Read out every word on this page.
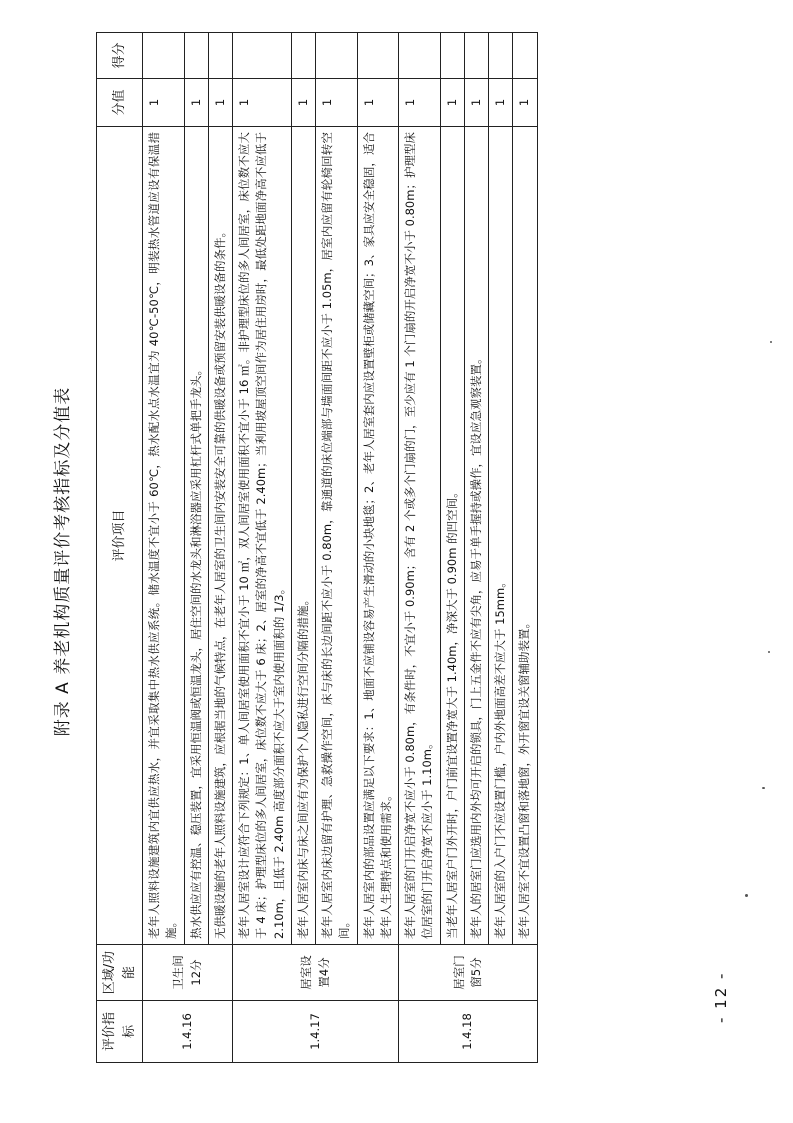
附录 A 养老机构质量评价考核指标及分值表
评价指标	区域/功能	评价项目	分值	得分
1.4.16	卫生间12分	老年人照料设施建筑内宜供应热水，并宜采取集中热水供应系统。储水温度不宜小于 60℃，热水配水点水温宜为 40℃-50℃，明装热水管道应设有保温措施。	1	
		热水供应应有控温、稳压装置，宜采用恒温阀或恒温龙头，居住空间的水龙头和淋浴器应采用杠杆式单把手龙头。	1	
		无供暖设施的老年人照料设施建筑，应根据当地的气候特点，在老年人居室的卫生间内安装安全可靠的供暖设备或预留安装供暖设备的条件。	1	
1.4.17	居室设置4分	老年人居室设计应符合下列规定：1、单人间居室使用面积不宜小于 10 ㎡，双人间居室使用面积不宜小于 16 ㎡。非护理型床位的多人间居室，床位数不应大于 4 床；护理型床位的多人间居室，床位数不应大于 6 床；2、居室的净高不宜低于 2.40m；当利用坡屋顶空间作为居住用房时，最低处距地面净高不应低于 2.10m，且低于 2.40m 高度部分面积不应大于室内使用面积的 1/3。	1	
		老年人居室内床与床之间应有为保护个人隐私进行空间分隔的措施。	1	
		老年人居室内床边留有护理、急救操作空间，床与床的长边间距不应小于 0.80m，靠通道的床位端部与墙面间距不应小于 1.05m，居室内应留有轮椅回转空间。	1	
		老年人居室内的部品设置应满足以下要求：1、地面不应铺设容易产生滑动的小块地毯；2、老年人居室套内应设置壁柜或储藏空间；3、家具应安全稳固，适合老年人生理特点和使用需求。	1	
1.4.18	居室门窗5分	老年人居室的门开启净宽不应小于 0.80m，有条件时，不宜小于 0.90m；含有 2 个或多个门扇的门，至少应有 1 个门扇的开启净宽不小于 0.80m；护理型床位居室的门开启净宽不应小于 1.10m。	1	
		当老年人居室户门外开时，户门前宜设置净宽大于 1.40m，净深大于 0.90m 的凹空间。	1	
		老年人的居室门应选用内外均可开启的锁具，门上五金件不应有尖角，应易于单手握持或操作，宜设应急观察装置。	1	
		老年人居室的入户门不应设置门槛，户内外地面高差不应大于 15mm。	1	
		老年人居室不宜设置凸窗和落地窗，外开窗宜设关窗辅助装置。	1	
- 12 -
